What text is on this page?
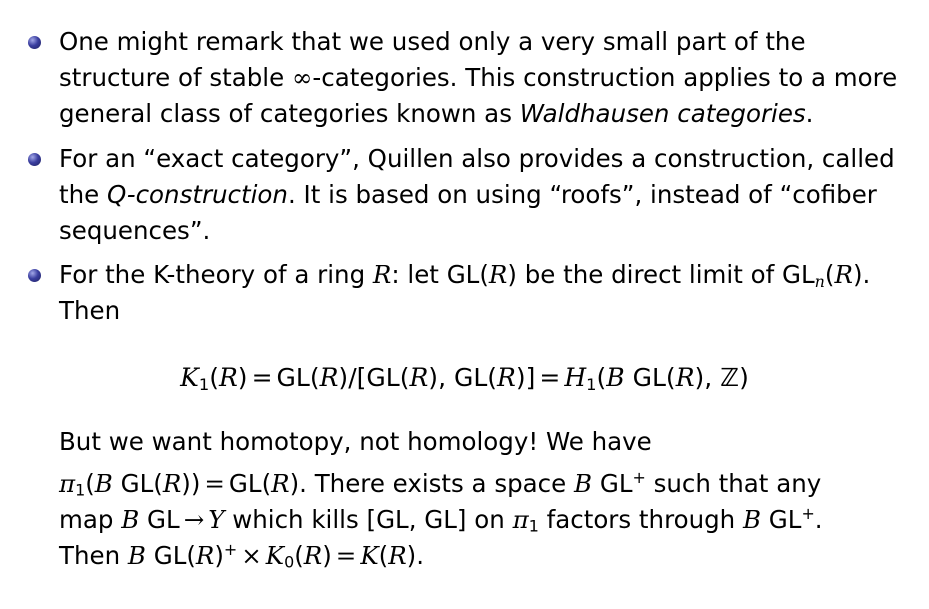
One might remark that we used only a very small part of the
structure of stable ∞-categories. This construction applies to a more
general class of categories known as Waldhausen categories.
For an “exact category”, Quillen also provides a construction, called
the Q-construction. It is based on using “roofs”, instead of “cofiber
sequences”.
For the K-theory of a ring R: let GL(R) be the direct limit of $GL_n(R)$.
Then
$K_1(R) = GL(R)/[GL(R)$, $GL(R)] = H_1(B$ GL(R), ℤ)
But we want homotopy, not homology! We have
$\pi_1(B$ GL(R)) = GL(R). There exists a space B GL+ such that any
map B GL → Y which kills [GL, GL] on $\pi_1$ factors through B GL+.
Then B $GL(R)^+ \times K_0(R) = K(R)$.
